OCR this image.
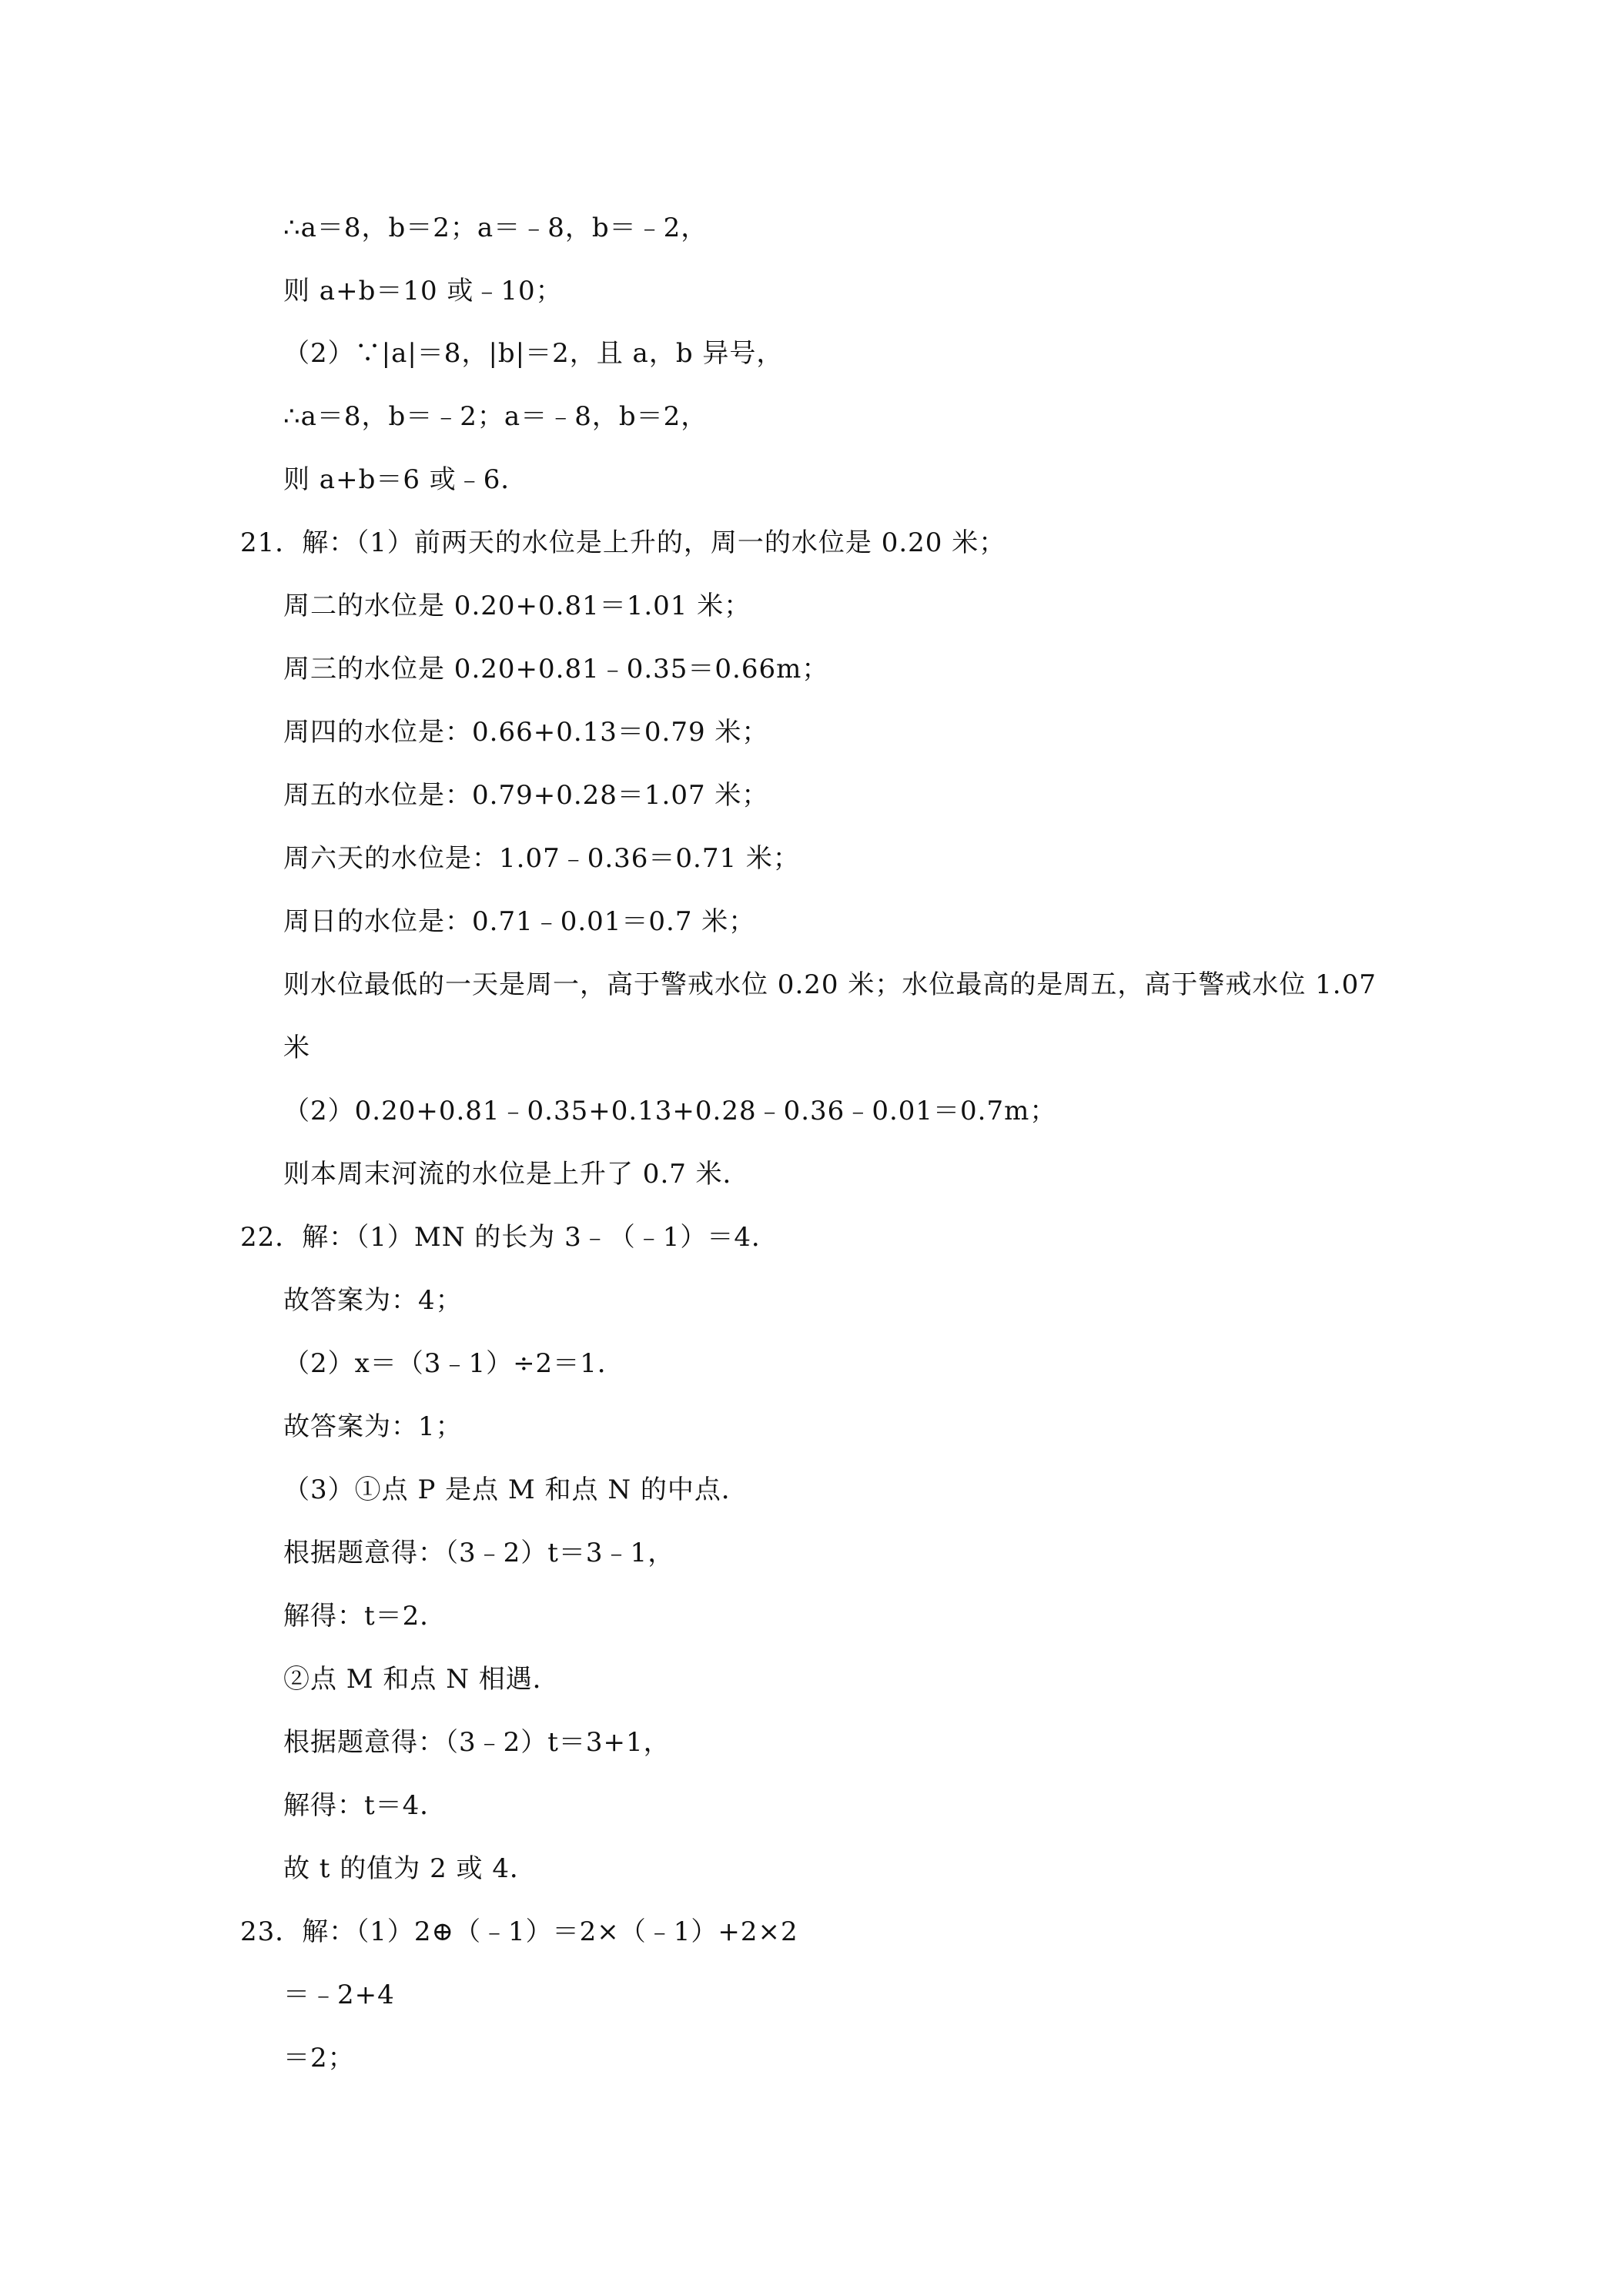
∴a＝8，b＝2；a＝﹣8，b＝﹣2，
则 a+b＝10 或﹣10；
（2）∵|a|＝8，|b|＝2，且 a，b 异号，
∴a＝8，b＝﹣2；a＝﹣8，b＝2，
则 a+b＝6 或﹣6．
21．解：（1）前两天的水位是上升的，周一的水位是 0.20 米；
周二的水位是 0.20+0.81＝1.01 米；
周三的水位是 0.20+0.81﹣0.35＝0.66m；
周四的水位是：0.66+0.13＝0.79 米；
周五的水位是：0.79+0.28＝1.07 米；
周六天的水位是：1.07﹣0.36＝0.71 米；
周日的水位是：0.71﹣0.01＝0.7 米；
则水位最低的一天是周一，高于警戒水位 0.20 米；水位最高的是周五，高于警戒水位 1.07
米
（2）0.20+0.81﹣0.35+0.13+0.28﹣0.36﹣0.01＝0.7m；
则本周末河流的水位是上升了 0.7 米．
22．解：（1）MN 的长为 3﹣（﹣1）＝4．
故答案为：4；
（2）x＝（3﹣1）÷2＝1．
故答案为：1；
（3）①点 P 是点 M 和点 N 的中点．
根据题意得：（3﹣2）t＝3﹣1，
解得：t＝2．
②点 M 和点 N 相遇．
根据题意得：（3﹣2）t＝3+1，
解得：t＝4．
故 t 的值为 2 或 4．
23．解：（1）2⊕（﹣1）＝2×（﹣1）+2×2
＝﹣2+4
＝2；
